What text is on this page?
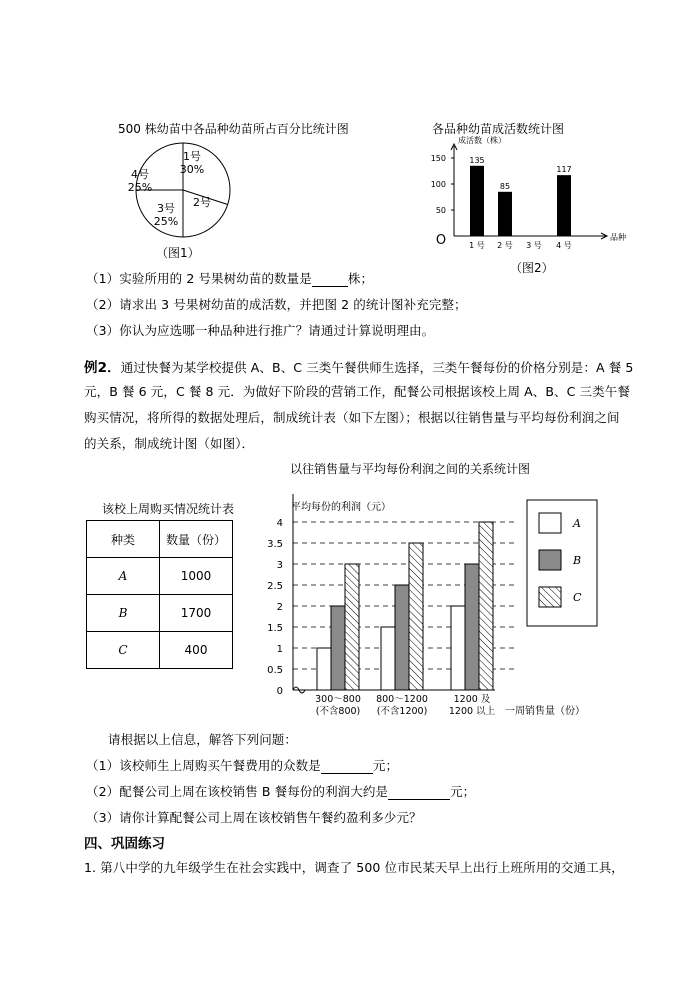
500 株幼苗中各品种幼苗所占百分比统计图
1号
30%
2号
3号
25%
4号
25%
（图1）
各品种幼苗成活数统计图
成活数（株）
品种
O
50
100
150
1 号
135
2 号
85
3 号 4 号
117
（图2）
（1）实验所用的 2 号果树幼苗的数量是	株；
（2）请求出 3 号果树幼苗的成活数，并把图 2 的统计图补充完整；
（3）你认为应选哪一种品种进行推广？请通过计算说明理由。
例2．通过快餐为某学校提供 A、B、C 三类午餐供师生选择，三类午餐每份的价格分别是：A 餐 5
元，B 餐 6 元，C 餐 8 元．为做好下阶段的营销工作，配餐公司根据该校上周 A、B、C 三类午餐
购买情况，将所得的数据处理后，制成统计表（如下左图）；根据以往销售量与平均每份利润之间
的关系，制成统计图（如图）．
该校上周购买情况统计表
种类	数量（份）
A	1000
B	1700
C	400
以往销售量与平均每份利润之间的关系统计图
平均每份的利润（元）
0
0.5
1
1.5
2
2.5
3
3.5
4
300～800
(不含800)
800～1200
(不含1200)
1200 及
1200 以上 一周销售量（份）
A
B
C
请根据以上信息，解答下列问题：
（1）该校师生上周购买午餐费用的众数是	元；
（2）配餐公司上周在该校销售 B 餐每份的利润大约是	元；
（3）请你计算配餐公司上周在该校销售午餐约盈利多少元？
四、巩固练习
1. 第八中学的九年级学生在社会实践中，调查了 500 位市民某天早上出行上班所用的交通工具，
